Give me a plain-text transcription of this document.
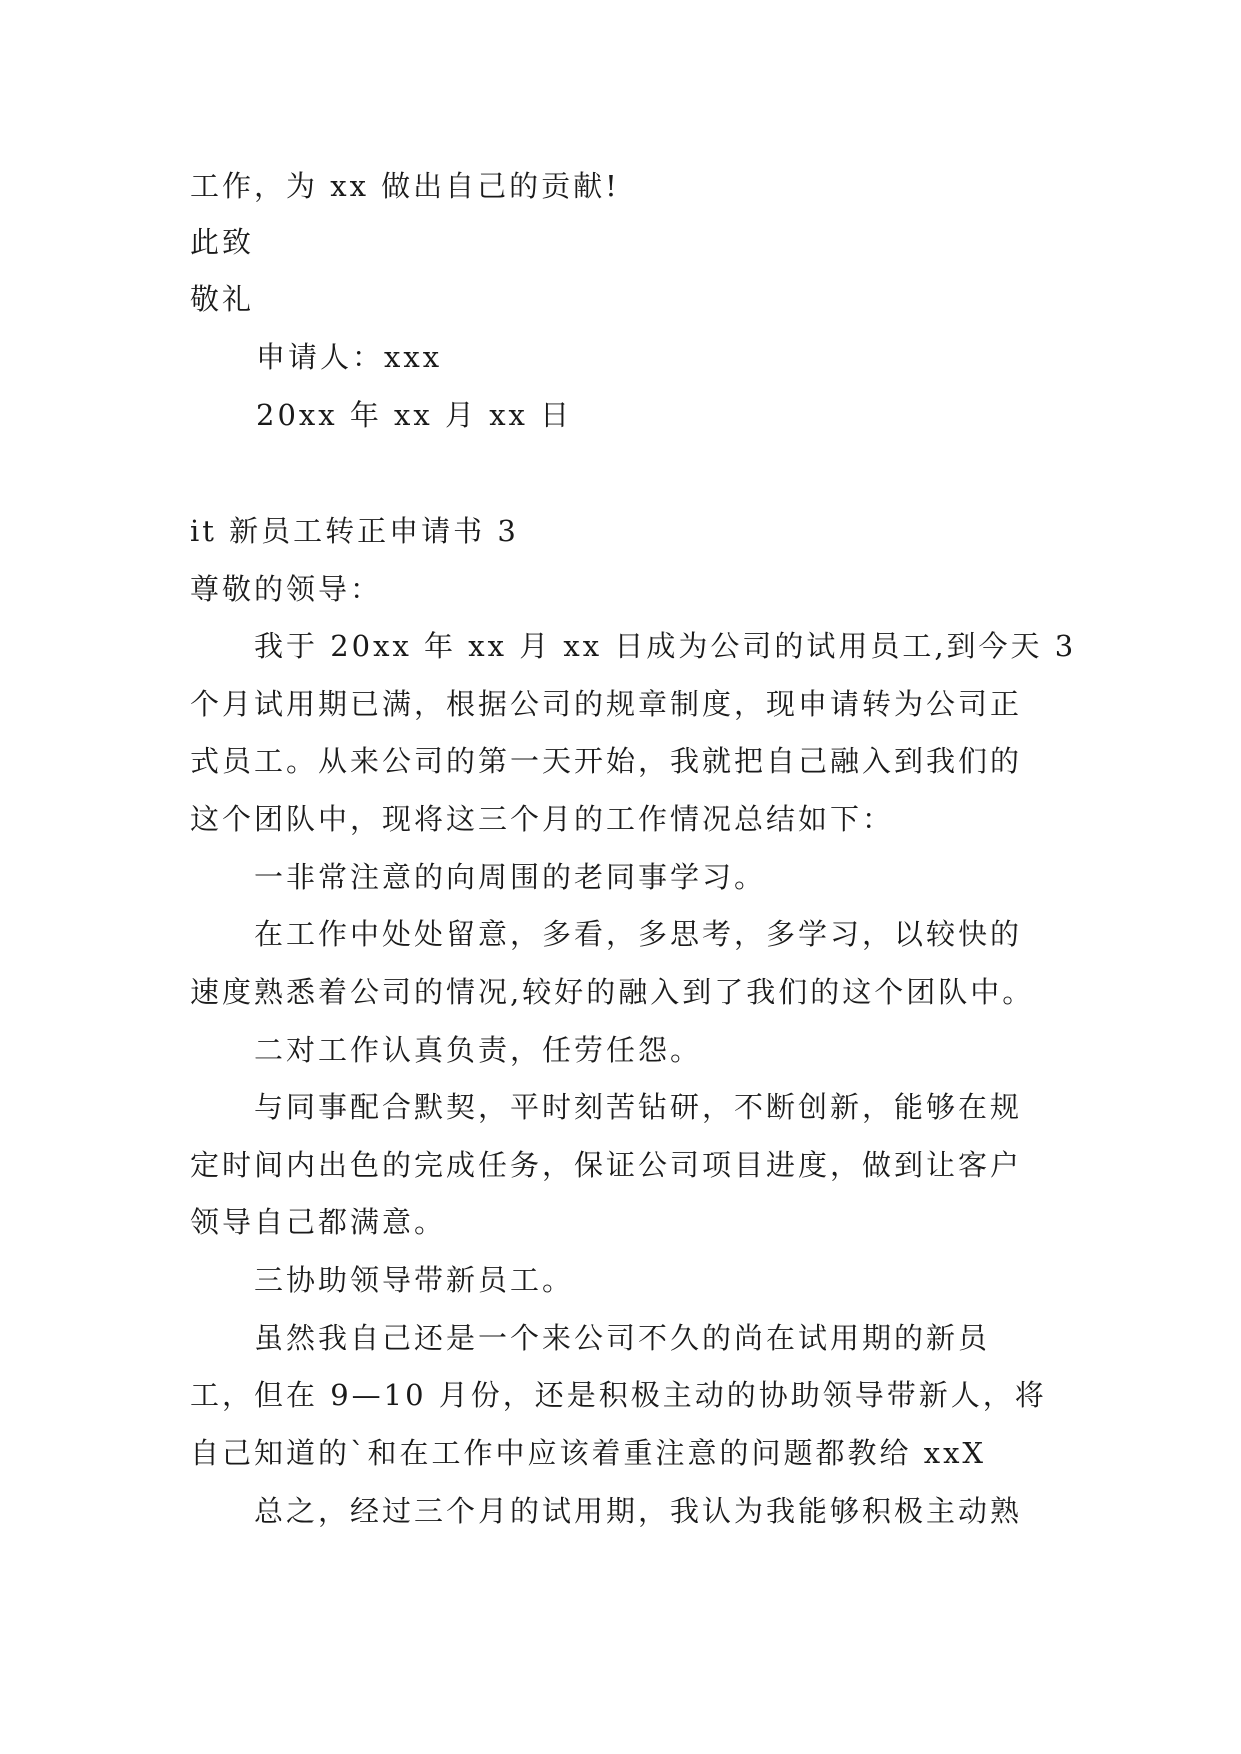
工作，为 xx 做出自己的贡献!
此致
敬礼
申请人：xxx
20xx 年 xx 月 xx 日
it 新员工转正申请书 3
尊敬的领导：
我于 20xx 年 xx 月 xx 日成为公司的试用员工,到今天 3
个月试用期已满，根据公司的规章制度，现申请转为公司正
式员工。从来公司的第一天开始，我就把自己融入到我们的
这个团队中，现将这三个月的工作情况总结如下：
一非常注意的向周围的老同事学习。
在工作中处处留意，多看，多思考，多学习，以较快的
速度熟悉着公司的情况,较好的融入到了我们的这个团队中。
二对工作认真负责，任劳任怨。
与同事配合默契，平时刻苦钻研，不断创新，能够在规
定时间内出色的完成任务，保证公司项目进度，做到让客户
领导自己都满意。
三协助领导带新员工。
虽然我自己还是一个来公司不久的尚在试用期的新员
工，但在 9—10 月份，还是积极主动的协助领导带新人，将
自己知道的`和在工作中应该着重注意的问题都教给 xxX
总之，经过三个月的试用期，我认为我能够积极主动熟
